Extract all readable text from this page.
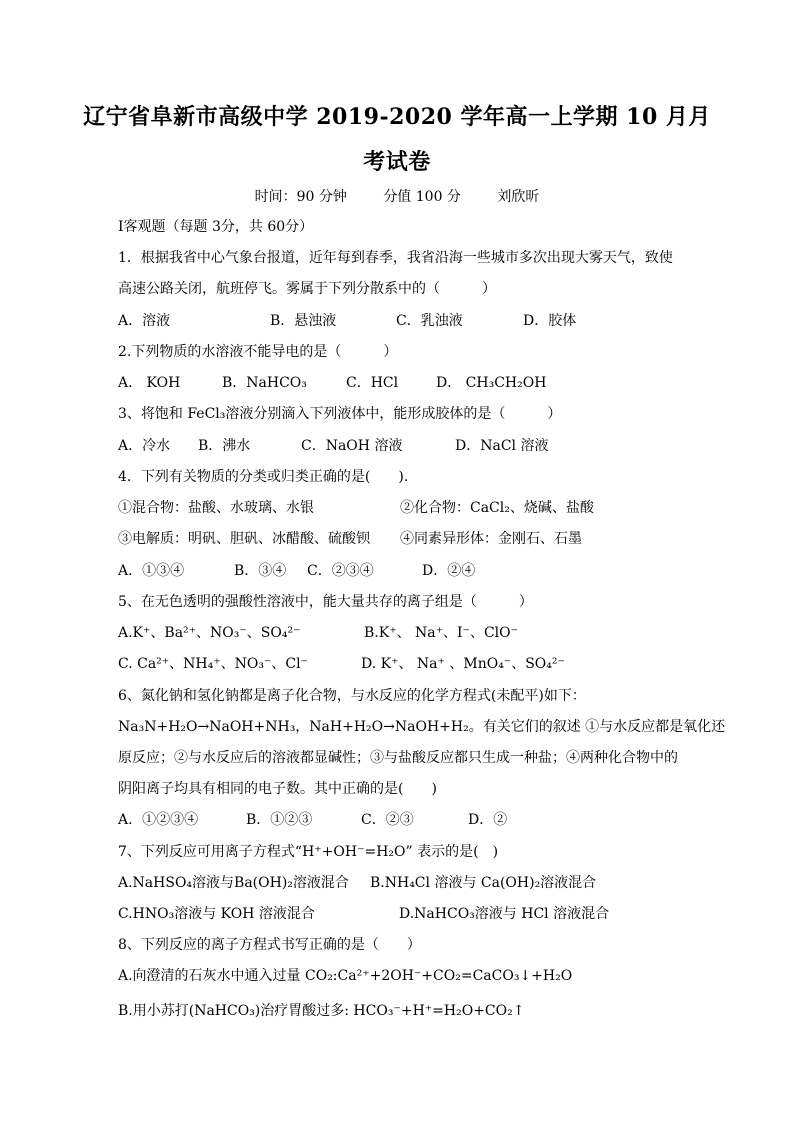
辽宁省阜新市高级中学 2019-2020 学年高一上学期 10 月月
考试卷
时间：90 分钟	分值 100 分	刘欣昕
Ⅰ客观题（每题 3分，共 60分）
1．根据我省中心气象台报道，近年每到春季，我省沿海一些城市多次出现大雾天气，致使
高速公路关闭，航班停飞。雾属于下列分散系中的（　　　）
A．溶液	B．悬浊液	C．乳浊液	D．胶体
2.下列物质的水溶液不能导电的是（　　　）
A． KOH	B．NaHCO₃	C．HCl	D． CH₃CH₂OH
3、将饱和 FeCl₃溶液分别滴入下列液体中，能形成胶体的是（　　　）
A．冷水 B．沸水	C．NaOH 溶液	D．NaCl 溶液
4．下列有关物质的分类或归类正确的是(　　).
①混合物：盐酸、水玻璃、水银	②化合物：CaCl₂、烧碱、盐酸
③电解质：明矾、胆矾、冰醋酸、硫酸钡 ④同素异形体：金刚石、石墨
A．①③④	B．③④ C．②③④	D．②④
5、在无色透明的强酸性溶液中，能大量共存的离子组是（　　　）
A.K⁺、Ba²⁺、NO₃⁻、SO₄²⁻	B.K⁺、 Na⁺、I⁻、ClO⁻
C. Ca²⁺、NH₄⁺、NO₃⁻、Cl⁻	D. K⁺、 Na⁺ 、MnO₄⁻、SO₄²⁻
6、氮化钠和氢化钠都是离子化合物，与水反应的化学方程式(未配平)如下：
Na₃N+H₂O→NaOH+NH₃，NaH+H₂O→NaOH+H₂。有关它们的叙述 ①与水反应都是氧化还
原反应；②与水反应后的溶液都显碱性；③与盐酸反应都只生成一种盐；④两种化合物中的
阴阳离子均具有相同的电子数。其中正确的是(　　)
A．①②③④	B．①②③	C．②③	D．②
7、下列反应可用离子方程式“H⁺+OH⁻=H₂O” 表示的是(　)
A.NaHSO₄溶液与Ba(OH)₂溶液混合 B.NH₄Cl 溶液与 Ca(OH)₂溶液混合
C.HNO₃溶液与 KOH 溶液混合	D.NaHCO₃溶液与 HCl 溶液混合
8、下列反应的离子方程式书写正确的是（　　）
A.向澄清的石灰水中通入过量 CO₂:Ca²⁺+2OH⁻+CO₂=CaCO₃↓+H₂O
B.用小苏打(NaHCO₃)治疗胃酸过多: HCO₃⁻+H⁺=H₂O+CO₂↑
